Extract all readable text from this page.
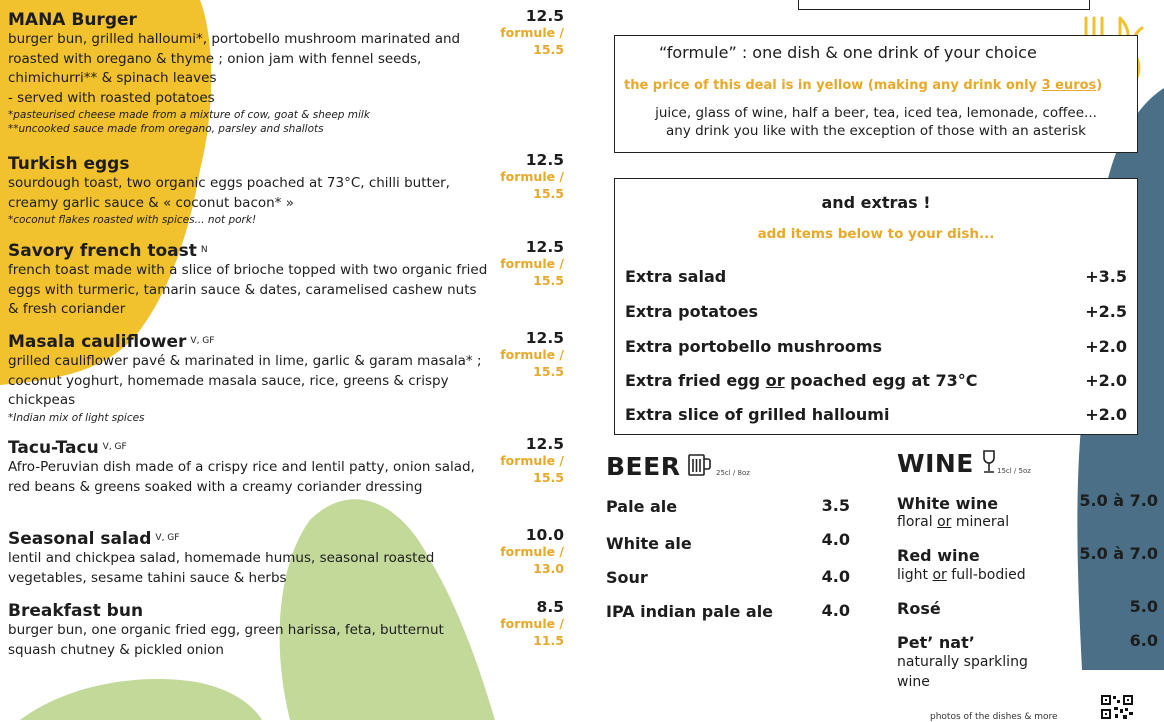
MANA Burger
burger bun, grilled halloumi*, portobello mushroom marinated and roasted with oregano & thyme ; onion jam with fennel seeds, chimichurri** & spinach leaves
- served with roasted potatoes
*pasteurised cheese made from a mixture of cow, goat & sheep milk
**uncooked sauce made from oregano, parsley and shallots
12.5
formule /
15.5
Turkish eggs
sourdough toast, two organic eggs poached at 73°C, chilli butter, creamy garlic sauce & « coconut bacon* »
*coconut flakes roasted with spices... not pork!
12.5
formule /
15.5
Savory french toast $^N$
french toast made with a slice of brioche topped with two organic fried eggs with turmeric, tamarin sauce & dates, caramelised cashew nuts & fresh coriander
12.5
formule /
15.5
Masala cauliflower $^{V, GF}$
grilled cauliflower pavé & marinated in lime, garlic & garam masala* ; coconut yoghurt, homemade masala sauce, rice, greens & crispy chickpeas
*Indian mix of light spices
12.5
formule /
15.5
Tacu-Tacu $^{V, GF}$
Afro-Peruvian dish made of a crispy rice and lentil patty, onion salad, red beans & greens soaked with a creamy coriander dressing
12.5
formule /
15.5
Seasonal salad $^{V, GF}$
lentil and chickpea salad, homemade humus, seasonal roasted vegetables, sesame tahini sauce & herbs
10.0
formule /
13.0
Breakfast bun
burger bun, one organic fried egg, green harissa, feta, butternut squash chutney & pickled onion
8.5
formule /
11.5
“formule” : one dish & one drink of your choice
the price of this deal is in yellow (making any drink only 3 euros)
juice, glass of wine, half a beer, tea, iced tea, lemonade, coffee...
any drink you like with the exception of those with an asterisk
and extras !
add items below to your dish...
Extra salad	+3.5
Extra potatoes	+2.5
Extra portobello mushrooms	+2.0
Extra fried egg or poached egg at 73°C	+2.0
Extra slice of grilled halloumi	+2.0
BEER	25cl / 8oz
Pale ale	3.5
White ale	4.0
Sour	4.0
IPA indian pale ale	4.0
WINE	15cl / 5oz
White wine
floral or mineral
5.0 à 7.0
Red wine
light or full-bodied
5.0 à 7.0
Rosé	5.0
Pet’ nat’
naturally sparkling
wine
6.0
photos of the dishes & more
